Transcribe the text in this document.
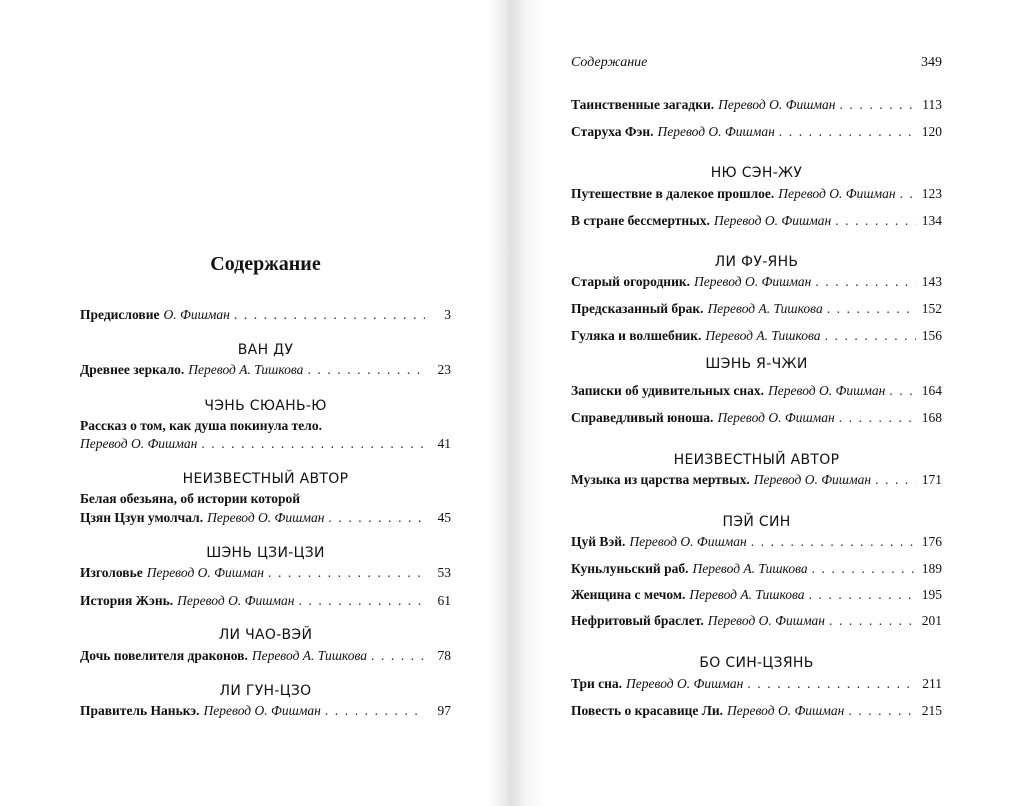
Содержание
Предисловие О. Фишман . . .	3
ВАН ДУ
Древнее зеркало. Перевод А. Тишкова . . .	23
ЧЭНЬ СЮАНЬ-Ю
Рассказ о том, как душа покинула тело.
Перевод О. Фишман . . .	41
НЕИЗВЕСТНЫЙ АВТОР
Белая обезьяна, об истории которой
Цзян Цзун умолчал. Перевод О. Фишман . . .	45
ШЭНЬ ЦЗИ-ЦЗИ
Изголовье Перевод О. Фишман . . .	53
История Жэнь. Перевод О. Фишман . . .	61
ЛИ ЧАО-ВЭЙ
Дочь повелителя драконов. Перевод А. Тишкова . . .	78
ЛИ ГУН-ЦЗО
Правитель Нанькэ. Перевод О. Фишман . . .	97
Содержание	349
Таинственные загадки. Перевод О. Фишман . . .	113
Старуха Фэн. Перевод О. Фишман . . .	120
НЮ СЭН-ЖУ
Путешествие в далекое прошлое. Перевод О. Фишман . . . 123
В стране бессмертных. Перевод О. Фишман . . .	134
ЛИ ФУ-ЯНЬ
Старый огородник. Перевод О. Фишман . . .	143
Предсказанный брак. Перевод А. Тишкова . . .	152
Гуляка и волшебник. Перевод А. Тишкова . . .	156
ШЭНЬ Я-ЧЖИ
Записки об удивительных снах. Перевод О. Фишман . . .	164
Справедливый юноша. Перевод О. Фишман . . .	168
НЕИЗВЕСТНЫЙ АВТОР
Музыка из царства мертвых. Перевод О. Фишман . . .	171
ПЭЙ СИН
Цуй Вэй. Перевод О. Фишман . . .	176
Куньлуньский раб. Перевод А. Тишкова . . .	189
Женщина с мечом. Перевод А. Тишкова . . .	195
Нефритовый браслет. Перевод О. Фишман . . .	201
БО СИН-ЦЗЯНЬ
Три сна. Перевод О. Фишман . . .	211
Повесть о красавице Ли. Перевод О. Фишман . . .	215
